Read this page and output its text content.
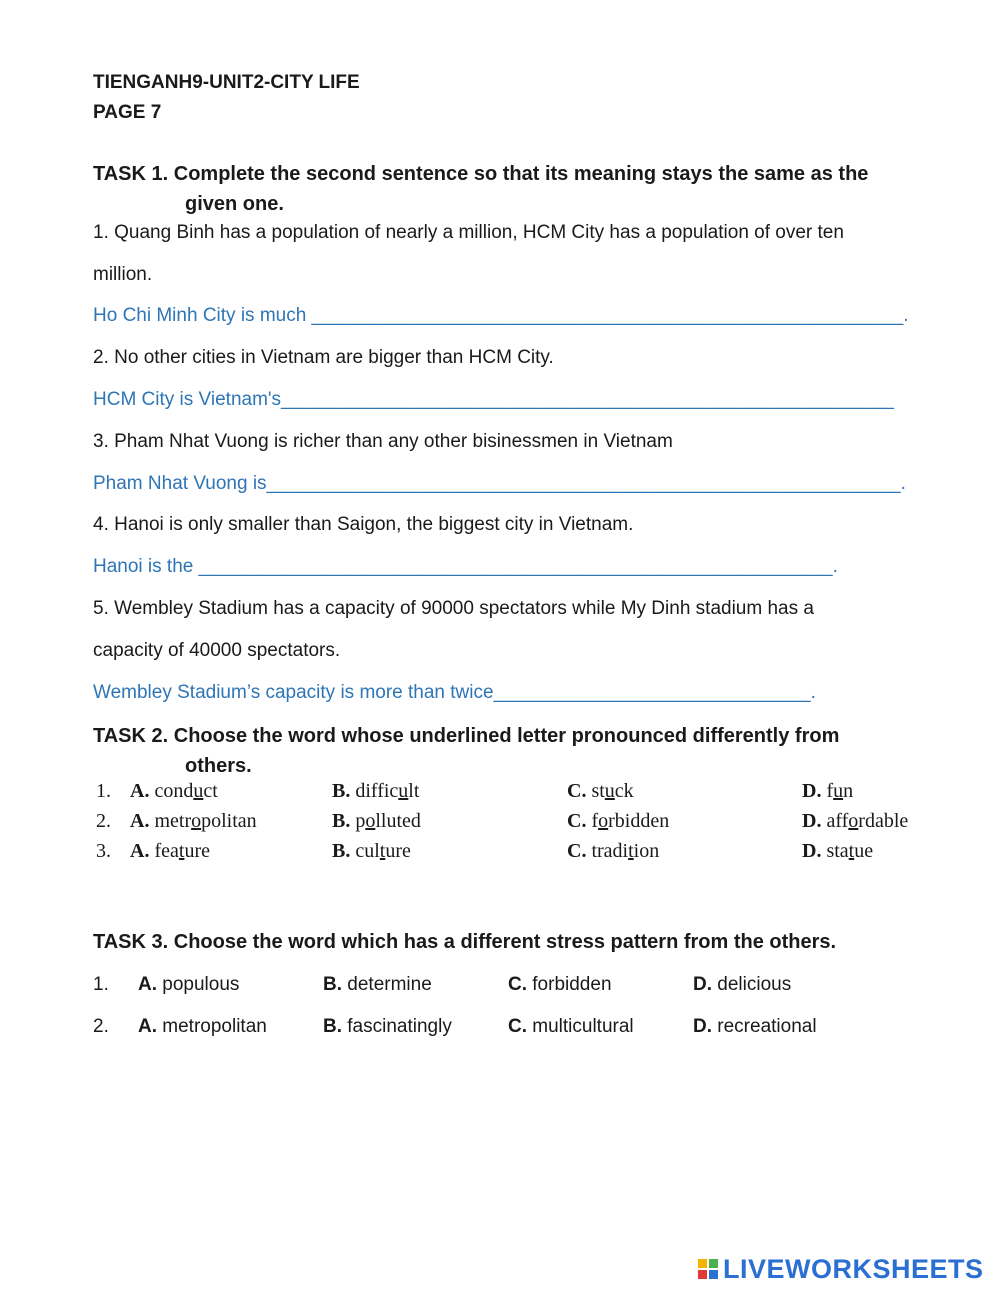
TIENGANH9-UNIT2-CITY LIFE
PAGE 7
TASK 1. Complete the second sentence so that its meaning stays the same as the
given one.
1. Quang Binh has a population of nearly a million, HCM City has a population of over ten
million.
Ho Chi Minh City is much ________________________________________________________.
2. No other cities in Vietnam are bigger than HCM City.
HCM City is Vietnam's__________________________________________________________
3. Pham Nhat Vuong is richer than any other bisinessmen in Vietnam
Pham Nhat Vuong is____________________________________________________________.
4. Hanoi is only smaller than Saigon, the biggest city in Vietnam.
Hanoi is the ____________________________________________________________.
5. Wembley Stadium has a capacity of 90000 spectators while My Dinh stadium has a
capacity of 40000 spectators.
Wembley Stadium’s capacity is more than twice______________________________.
TASK 2. Choose the word whose underlined letter pronounced differently from
others.
1. A. conduct	B. difficult	C. stuck	D. fun
2. A. metropolitan	B. polluted	C. forbidden	D. affordable
3. A. feature	B. culture	C. tradition	D. statue
TASK 3. Choose the word which has a different stress pattern from the others.
1. A. populous	B. determine	C. forbidden	D. delicious
2. A. metropolitan	B. fascinatingly	C. multicultural	D. recreational
LIVEWORKSHEETS
